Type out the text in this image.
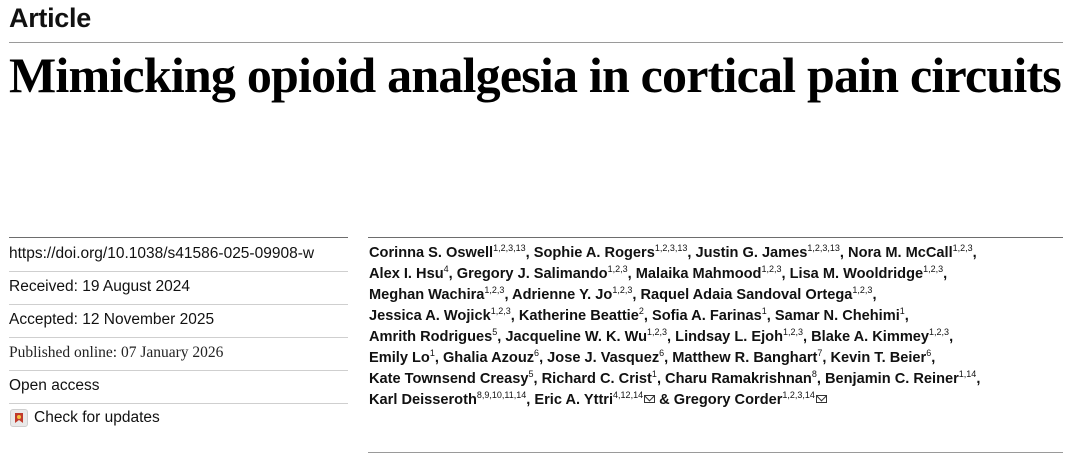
Article
Mimicking opioid analgesia in cortical pain circuits
https://doi.org/10.1038/s41586-025-09908-w
Received: 19 August 2024
Accepted: 12 November 2025
Published online: 07 January 2026
Open access
Check for updates
Corinna S. Oswell$^{1,2,3,13}$, Sophie A. Rogers$^{1,2,3,13}$, Justin G. James$^{1,2,3,13}$, Nora M. McCall$^{1,2,3}$,
Alex I. Hsu$^4$, Gregory J. Salimando$^{1,2,3}$, Malaika Mahmood$^{1,2,3}$, Lisa M. Wooldridge$^{1,2,3}$,
Meghan Wachira$^{1,2,3}$, Adrienne Y. Jo$^{1,2,3}$, Raquel Adaia Sandoval Ortega$^{1,2,3}$,
Jessica A. Wojick$^{1,2,3}$, Katherine Beattie$^2$, Sofia A. Farinas$^1$, Samar N. Chehimi$^1$,
Amrith Rodrigues$^5$, Jacqueline W. K. Wu$^{1,2,3}$, Lindsay L. Ejoh$^{1,2,3}$, Blake A. Kimmey$^{1,2,3}$,
Emily Lo$^1$, Ghalia Azouz$^6$, Jose J. Vasquez$^6$, Matthew R. Banghart$^7$, Kevin T. Beier$^6$,
Kate Townsend Creasy$^5$, Richard C. Crist$^1$, Charu Ramakrishnan$^8$, Benjamin C. Reiner$^{1,14}$,
Karl Deisseroth$^{8,9,10,11,14}$, Eric A. Yttri$^{4,12,14}$ & Gregory Corder$^{1,2,3,14}$
